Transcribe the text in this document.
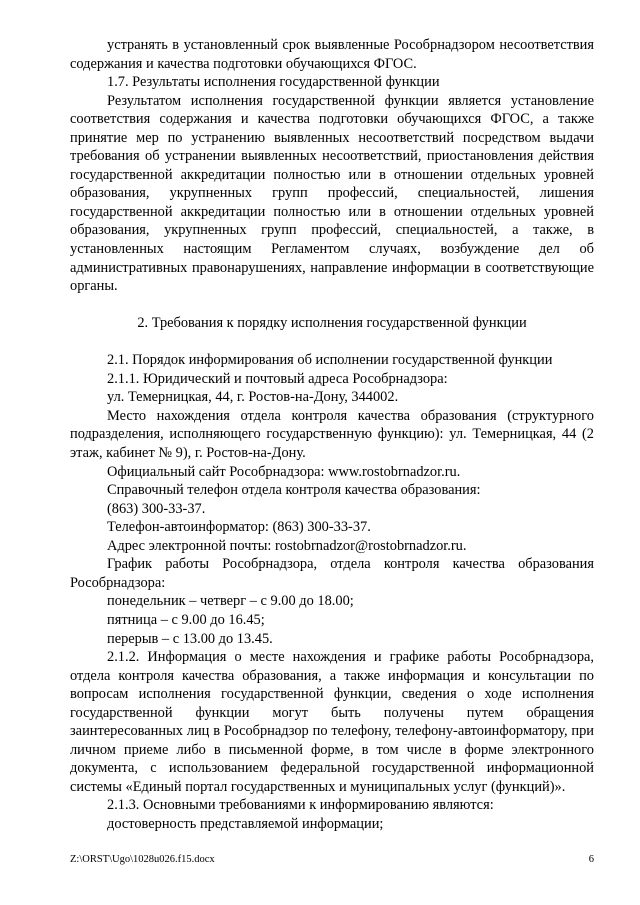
устранять в установленный срок выявленные Рособрнадзором несоответствия содержания и качества подготовки обучающихся ФГОС.

1.7. Результаты исполнения государственной функции

Результатом исполнения государственной функции является установление соответствия содержания и качества подготовки обучающихся ФГОС, а также принятие мер по устранению выявленных несоответствий посредством выдачи требования об устранении выявленных несоответствий, приостановления действия государственной аккредитации полностью или в отношении отдельных уровней образования, укрупненных групп профессий, специальностей, лишения государственной аккредитации полностью или в отношении отдельных уровней образования, укрупненных групп профессий, специальностей, а также, в установленных настоящим Регламентом случаях, возбуждение дел об административных правонарушениях, направление информации в соответствующие органы.

2. Требования к порядку исполнения государственной функции

2.1. Порядок информирования об исполнении государственной функции

2.1.1. Юридический и почтовый адреса Рособрнадзора:

ул. Темерницкая, 44, г. Ростов-на-Дону, 344002.

Место нахождения отдела контроля качества образования (структурного подразделения, исполняющего государственную функцию): ул. Темерницкая, 44 (2 этаж, кабинет № 9), г. Ростов-на-Дону.

Официальный сайт Рособрнадзора: www.rostobrnadzor.ru.

Справочный телефон отдела контроля качества образования:

(863) 300-33-37.

Телефон-автоинформатор: (863) 300-33-37.

Адрес электронной почты: rostobrnadzor@rostobrnadzor.ru.

График работы Рособрнадзора, отдела контроля качества образования Рособрнадзора:

понедельник – четверг – с 9.00 до 18.00;

пятница – с 9.00 до 16.45;

перерыв – с 13.00 до 13.45.

2.1.2. Информация о месте нахождения и графике работы Рособрнадзора, отдела контроля качества образования, а также информация и консультации по вопросам исполнения государственной функции, сведения о ходе исполнения государственной функции могут быть получены путем обращения заинтересованных лиц в Рособрнадзор по телефону, телефону-автоинформатору, при личном приеме либо в письменной форме, в том числе в форме электронного документа, с использованием федеральной государственной информационной системы «Единый портал государственных и муниципальных услуг (функций)».

2.1.3. Основными требованиями к информированию являются:

достоверность представляемой информации;

Z:\ORST\Ugo\1028u026.f15.docx	6
